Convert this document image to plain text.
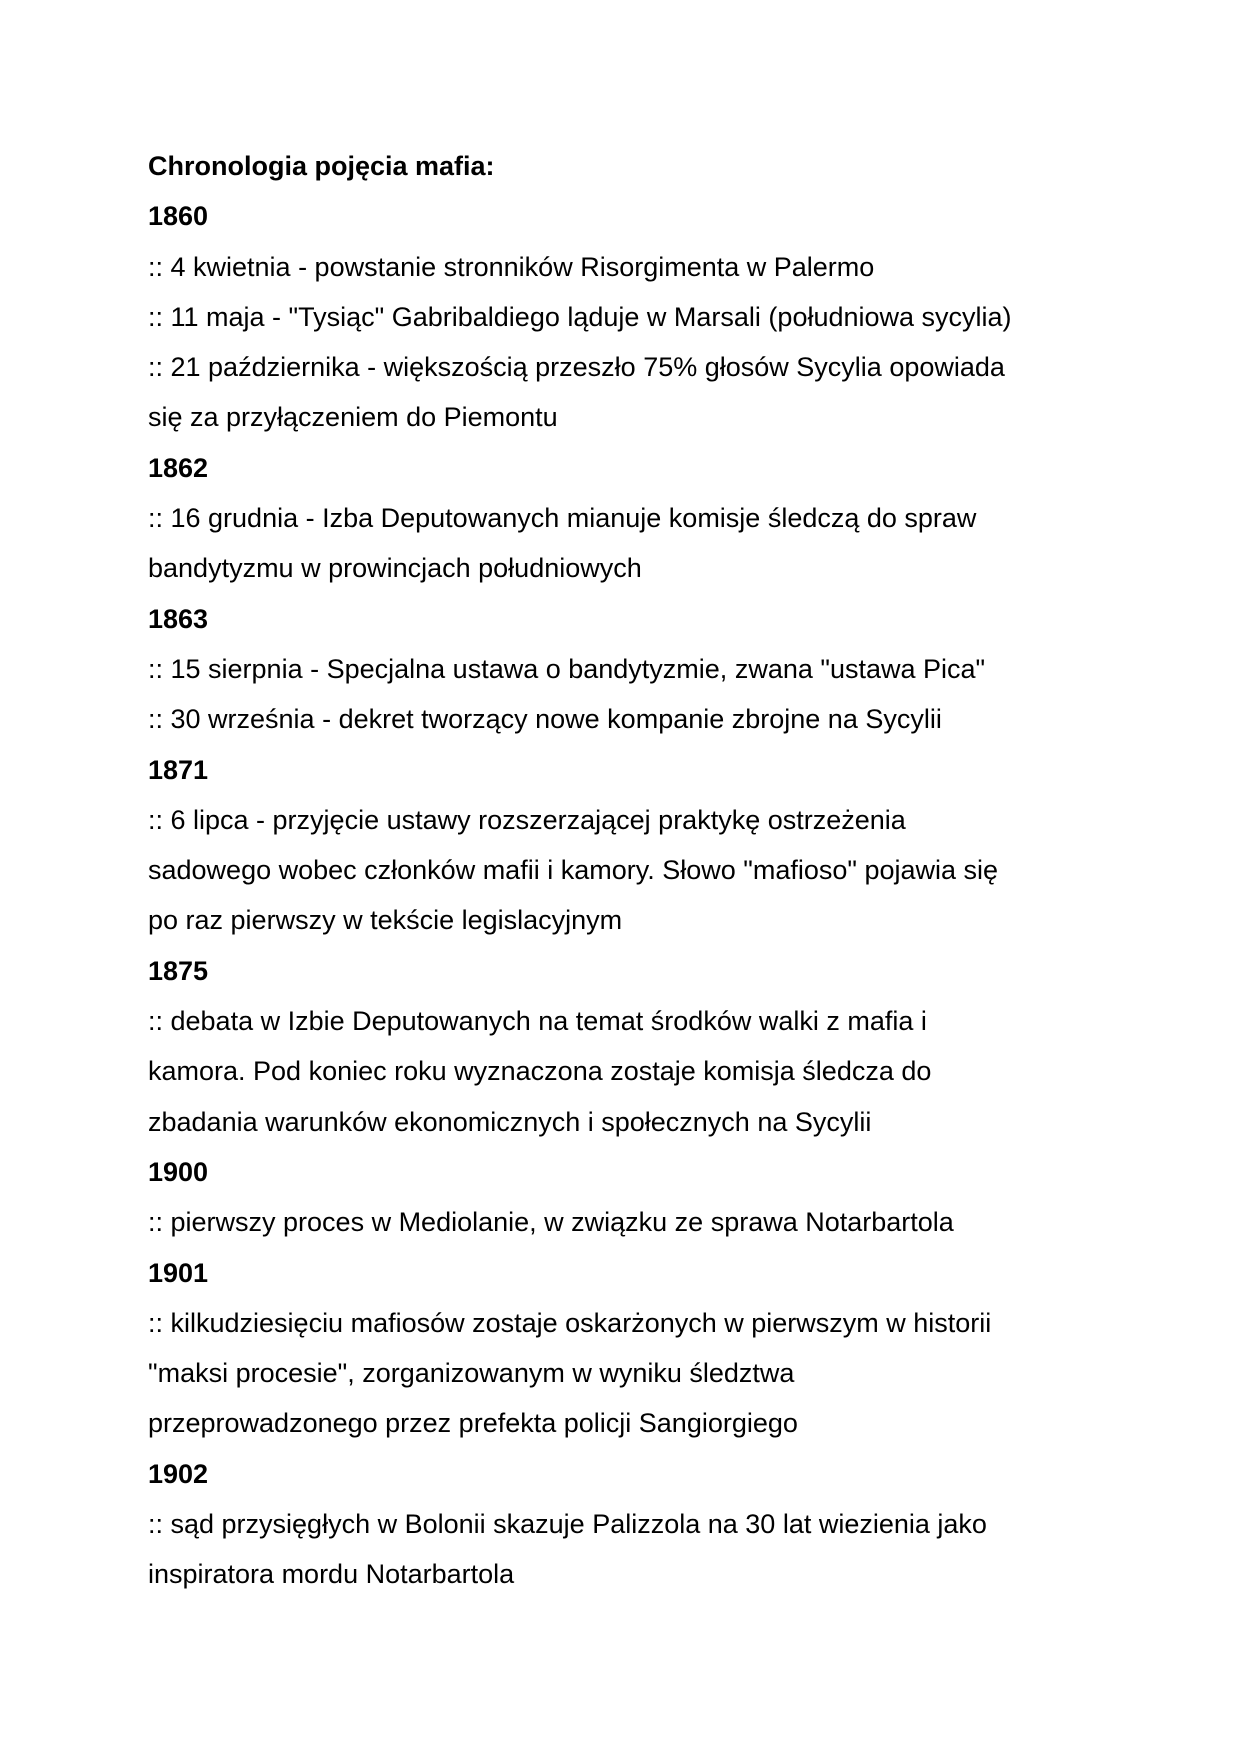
Chronologia pojęcia mafia:
1860
:: 4 kwietnia - powstanie stronników Risorgimenta w Palermo
:: 11 maja - "Tysiąc" Gabribaldiego ląduje w Marsali (południowa sycylia)
:: 21 października - większością przeszło 75% głosów Sycylia opowiada
się za przyłączeniem do Piemontu
1862
:: 16 grudnia - Izba Deputowanych mianuje komisje śledczą do spraw
bandytyzmu w prowincjach południowych
1863
:: 15 sierpnia - Specjalna ustawa o bandytyzmie, zwana "ustawa Pica"
:: 30 września - dekret tworzący nowe kompanie zbrojne na Sycylii
1871
:: 6 lipca - przyjęcie ustawy rozszerzającej praktykę ostrzeżenia
sadowego wobec członków mafii i kamory. Słowo "mafioso" pojawia się
po raz pierwszy w tekście legislacyjnym
1875
:: debata w Izbie Deputowanych na temat środków walki z mafia i
kamora. Pod koniec roku wyznaczona zostaje komisja śledcza do
zbadania warunków ekonomicznych i społecznych na Sycylii
1900
:: pierwszy proces w Mediolanie, w związku ze sprawa Notarbartola
1901
:: kilkudziesięciu mafiosów zostaje oskarżonych w pierwszym w historii
"maksi procesie", zorganizowanym w wyniku śledztwa
przeprowadzonego przez prefekta policji Sangiorgiego
1902
:: sąd przysięgłych w Bolonii skazuje Palizzola na 30 lat wiezienia jako
inspiratora mordu Notarbartola
